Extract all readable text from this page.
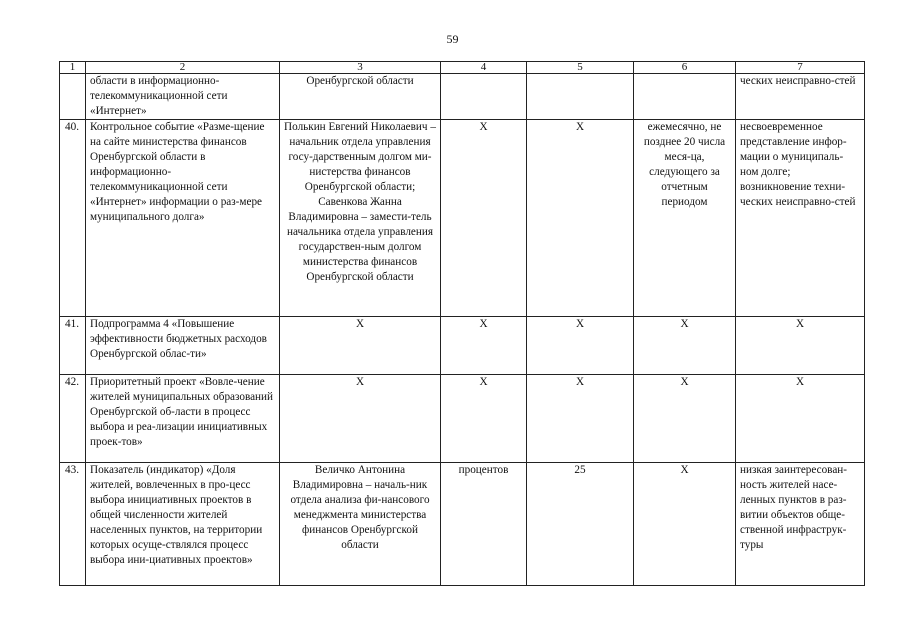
59
1	2	3	4	5	6	7
	области в информационно-телекоммуникационной сети «Интернет»	Оренбургской области				ческих неисправно-стей
40.	Контрольное событие «Разме-щение на сайте министерства финансов Оренбургской области в информационно-телекоммуникационной сети «Интернет» информации о раз-мере муниципального долга»	Полькин Евгений Николаевич – начальник отдела управления госу-дарственным долгом ми-нистерства финансов Оренбургской области; Савенкова Жанна Владимировна – замести-тель начальника отдела управления государствен-ным долгом министерства финансов Оренбургской области	X	X	ежемесячно, не позднее 20 числа меся-ца, следующего за отчетным периодом	несвоевременное представление инфор-мации о муниципаль-ном долге; возникновение техни-ческих неисправно-стей
41.	Подпрограмма 4 «Повышение эффективности бюджетных расходов Оренбургской облас-ти»	X	X	X	X	X
42.	Приоритетный проект «Вовле-чение жителей муниципальных образований Оренбургской об-ласти в процесс выбора и реа-лизации инициативных проек-тов»	X	X	X	X	X
43.	Показатель (индикатор) «Доля жителей, вовлеченных в про-цесс выбора инициативных проектов в общей численности жителей населенных пунктов, на территории которых осуще-ствлялся процесс выбора ини-циативных проектов»	Величко Антонина Владимировна – началь-ник отдела анализа фи-нансового менеджмента министерства финансов Оренбургской области	процентов	25	X	низкая заинтересован-ность жителей насе-ленных пунктов в раз-витии объектов обще-ственной инфраструк-туры
